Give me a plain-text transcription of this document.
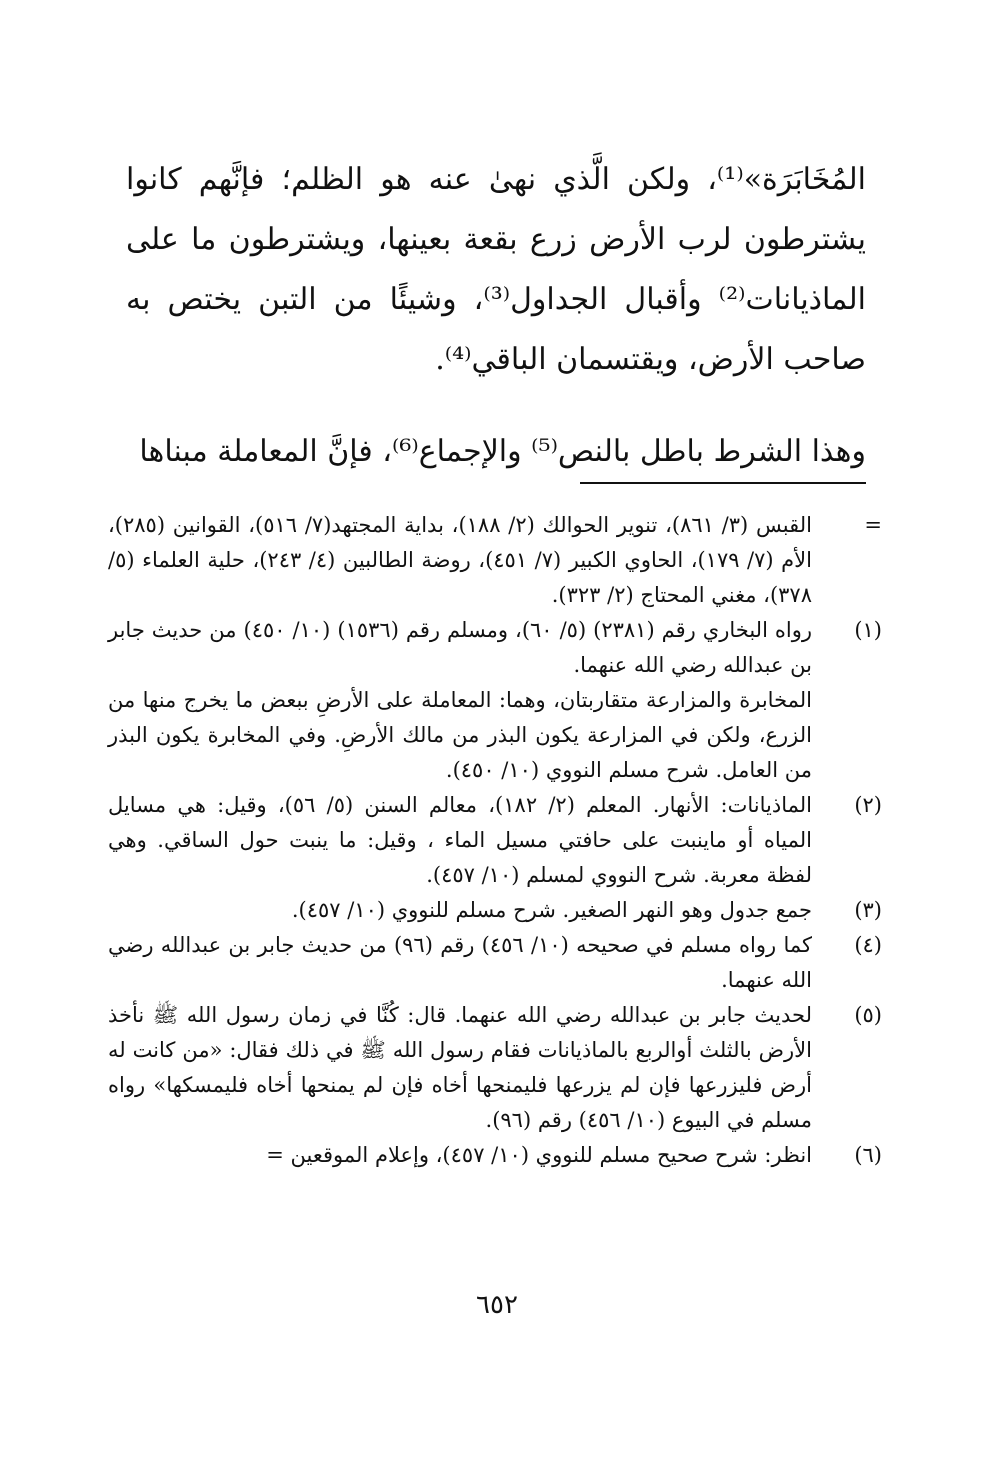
المُخَابَرَة»⁽¹⁾، ولكن الَّذي نهىٰ عنه هو الظلم؛ فإنَّهم كانوا يشترطون لرب الأرض زرع بقعة بعينها، ويشترطون ما على الماذيانات⁽²⁾ وأقبال الجداول⁽³⁾، وشيئًا من التبن يختص به صاحب الأرض، ويقتسمان الباقي⁽⁴⁾.

وهذا الشرط باطل بالنص⁽⁵⁾ والإجماع⁽⁶⁾، فإنَّ المعاملة مبناها

=

القبس (٣/ ٨٦١)، تنوير الحوالك (٢/ ١٨٨)، بداية المجتهد(٧/ ٥١٦)، القوانين (٢٨٥)، الأم (٧/ ١٧٩)، الحاوي الكبير (٧/ ٤٥١)، روضة الطالبين (٤/ ٢٤٣)، حلية العلماء (٥/ ٣٧٨)، مغني المحتاج (٢/ ٣٢٣).

(١)

رواه البخاري رقم (٢٣٨١) (٥/ ٦٠)، ومسلم رقم (١٥٣٦) (١٠/ ٤٥٠) من حديث جابر بن عبدالله رضي الله عنهما.

المخابرة والمزارعة متقاربتان، وهما: المعاملة على الأرضِ ببعض ما يخرج منها من الزرع، ولكن في المزارعة يكون البذر من مالك الأرضِ. وفي المخابرة يكون البذر من العامل. شرح مسلم النووي (١٠/ ٤٥٠).

(٢)

الماذيانات: الأنهار. المعلم (٢/ ١٨٢)، معالم السنن (٥/ ٥٦)، وقيل: هي مسايل المياه أو ماينبت على حافتي مسيل الماء ، وقيل: ما ينبت حول الساقي. وهي لفظة معربة. شرح النووي لمسلم (١٠/ ٤٥٧).

(٣)

جمع جدول وهو النهر الصغير. شرح مسلم للنووي (١٠/ ٤٥٧).

(٤)

كما رواه مسلم في صحيحه (١٠/ ٤٥٦) رقم (٩٦) من حديث جابر بن عبدالله رضي الله عنهما.

(٥)

لحديث جابر بن عبدالله رضي الله عنهما. قال: كُنَّا في زمان رسول الله ﷺ نأخذ الأرض بالثلث أوالربع بالماذيانات فقام رسول الله ﷺ في ذلك فقال: «من كانت له أرض فليزرعها فإن لم يزرعها فليمنحها أخاه فإن لم يمنحها أخاه فليمسكها» رواه مسلم في البيوع (١٠/ ٤٥٦) رقم (٩٦).

(٦)

انظر: شرح صحيح مسلم للنووي (١٠/ ٤٥٧)، وإعلام الموقعين =

٦٥٢
